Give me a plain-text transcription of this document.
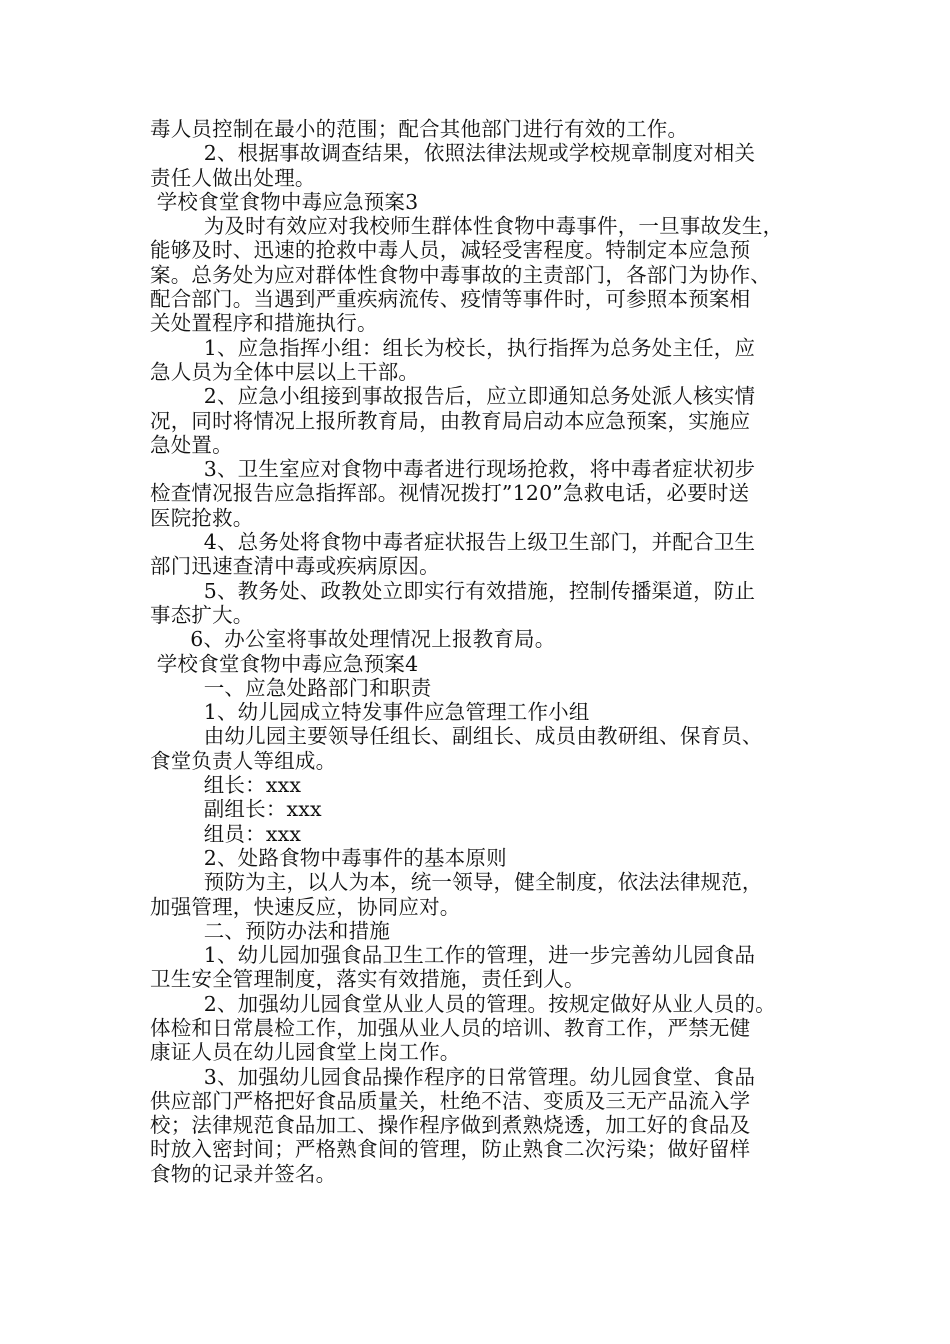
毒人员控制在最小的范围；配合其他部门进行有效的工作。
2、根据事故调查结果，依照法律法规或学校规章制度对相关
责任人做出处理。
学校食堂食物中毒应急预案3
为及时有效应对我校师生群体性食物中毒事件，一旦事故发生，
能够及时、迅速的抢救中毒人员，减轻受害程度。特制定本应急预
案。总务处为应对群体性食物中毒事故的主责部门，各部门为协作、
配合部门。当遇到严重疾病流传、疫情等事件时，可参照本预案相
关处置程序和措施执行。
1、应急指挥小组：组长为校长，执行指挥为总务处主任，应
急人员为全体中层以上干部。
2、应急小组接到事故报告后，应立即通知总务处派人核实情
况，同时将情况上报所教育局，由教育局启动本应急预案，实施应
急处置。
3、卫生室应对食物中毒者进行现场抢救，将中毒者症状初步
检查情况报告应急指挥部。视情况拨打”120”急救电话，必要时送
医院抢救。
4、总务处将食物中毒者症状报告上级卫生部门，并配合卫生
部门迅速查清中毒或疾病原因。
5、教务处、政教处立即实行有效措施，控制传播渠道，防止
事态扩大。
6、办公室将事故处理情况上报教育局。
学校食堂食物中毒应急预案4
一、应急处路部门和职责
1、幼儿园成立特发事件应急管理工作小组
由幼儿园主要领导任组长、副组长、成员由教研组、保育员、
食堂负责人等组成。
组长：xxx
副组长：xxx
组员：xxx
2、处路食物中毒事件的基本原则
预防为主，以人为本，统一领导，健全制度，依法法律规范，
加强管理，快速反应，协同应对。
二、预防办法和措施
1、幼儿园加强食品卫生工作的管理，进一步完善幼儿园食品
卫生安全管理制度，落实有效措施，责任到人。
2、加强幼儿园食堂从业人员的管理。按规定做好从业人员的。
体检和日常晨检工作，加强从业人员的培训、教育工作，严禁无健
康证人员在幼儿园食堂上岗工作。
3、加强幼儿园食品操作程序的日常管理。幼儿园食堂、食品
供应部门严格把好食品质量关，杜绝不洁、变质及三无产品流入学
校；法律规范食品加工、操作程序做到煮熟烧透，加工好的食品及
时放入密封间；严格熟食间的管理，防止熟食二次污染；做好留样
食物的记录并签名。
